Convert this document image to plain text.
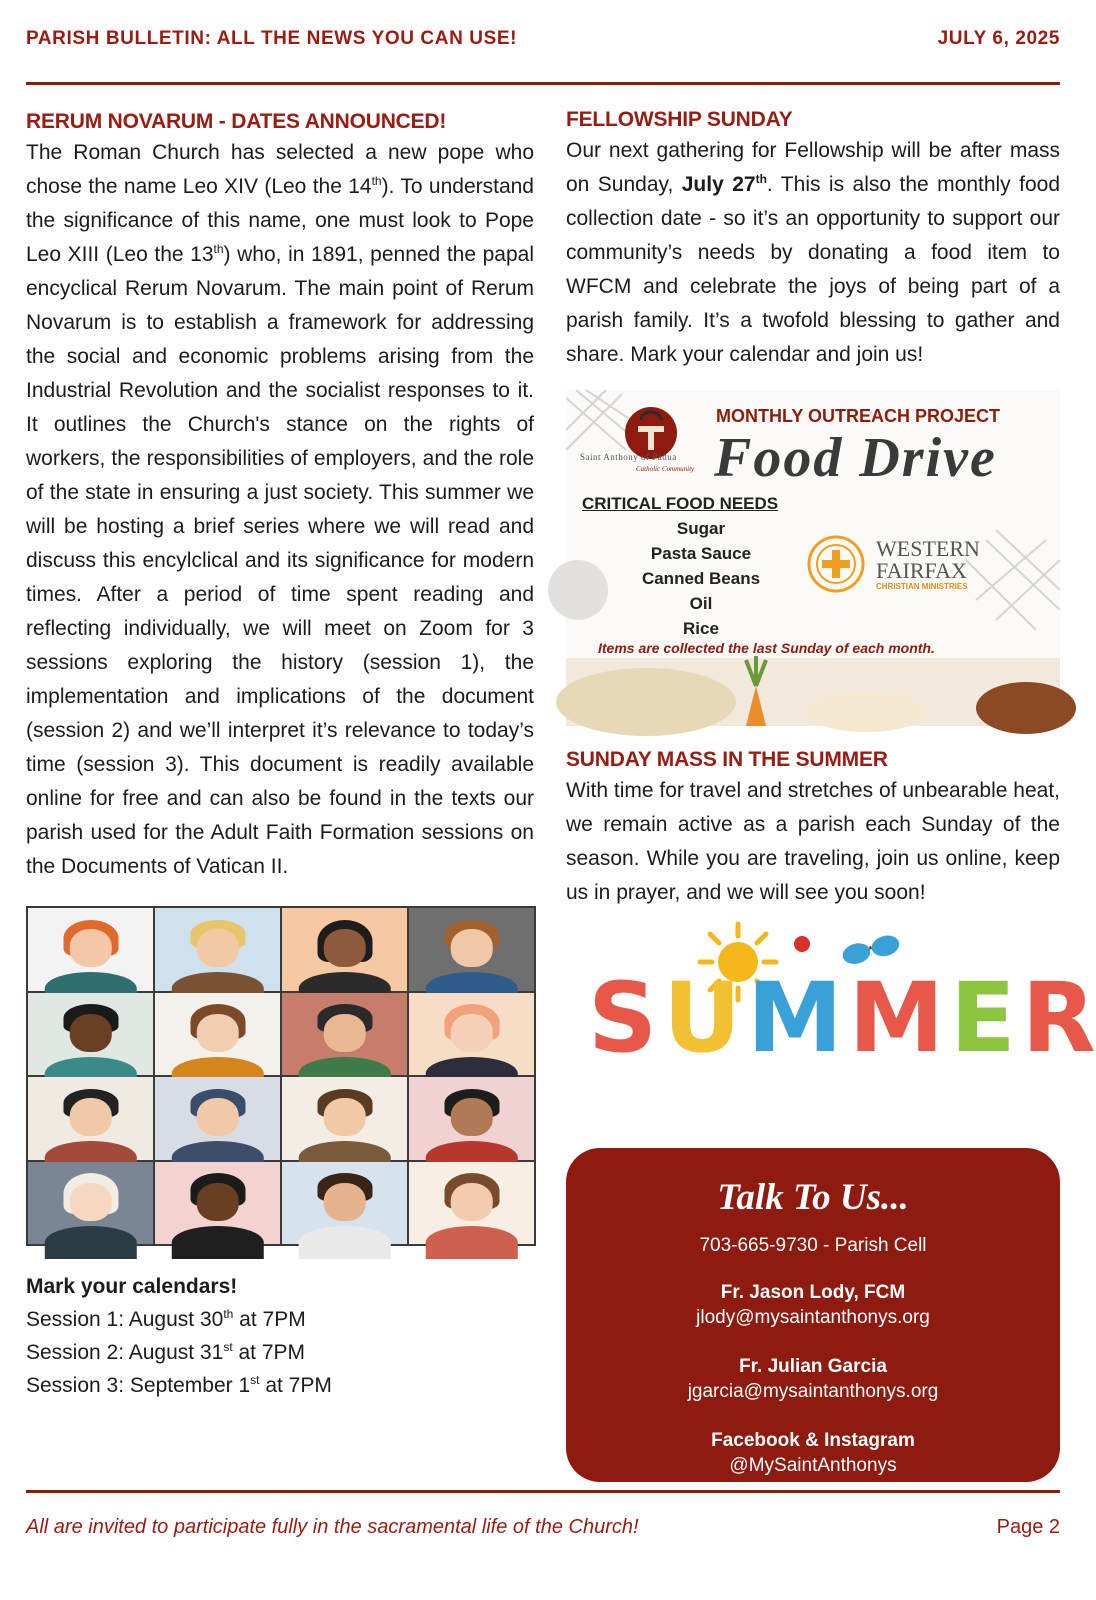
PARISH BULLETIN: ALL THE NEWS YOU CAN USE!	JULY 6, 2025
RERUM NOVARUM - DATES ANNOUNCED!

The Roman Church has selected a new pope who chose the name Leo XIV (Leo the 14th). To understand the significance of this name, one must look to Pope Leo XIII (Leo the 13th) who, in 1891, penned the papal encyclical Rerum Novarum. The main point of Rerum Novarum is to establish a framework for addressing the social and economic problems arising from the Industrial Revolution and the socialist responses to it. It outlines the Church's stance on the rights of workers, the responsibilities of employers, and the role of the state in ensuring a just society. This summer we will be hosting a brief series where we will read and discuss this encylclical and its significance for modern times. After a period of time spent reading and reflecting individually, we will meet on Zoom for 3 sessions exploring the history (session 1), the implementation and implications of the document (session 2) and we’ll interpret it’s relevance to today’s time (session 3). This document is readily available online for free and can also be found in the texts our parish used for the Adult Faith Formation sessions on the Documents of Vatican II.

Mark your calendars!
Session 1: August 30th at 7PM
Session 2: August 31st at 7PM
Session 3: September 1st at 7PM
FELLOWSHIP SUNDAY

Our next gathering for Fellowship will be after mass on Sunday, July 27th. This is also the monthly food collection date - so it’s an opportunity to support our community’s needs by donating a food item to WFCM and celebrate the joys of being part of a parish family. It’s a twofold blessing to gather and share. Mark your calendar and join us!

Saint Anthony of Padua
Catholic Community
MONTHLY OUTREACH PROJECT
Food Drive
CRITICAL FOOD NEEDS
Sugar
Pasta Sauce
Canned Beans
Oil
Rice
WESTERN
FAIRFAX
CHRISTIAN MINISTRIES
Items are collected the last Sunday of each month.
SUNDAY MASS IN THE SUMMER

With time for travel and stretches of unbearable heat, we remain active as a parish each Sunday of the season. While you are traveling, join us online, keep us in prayer, and we will see you soon!

S U M M E R
Talk To Us...
703-665-9730 - Parish Cell
Fr. Jason Lody, FCM
jlody@mysaintanthonys.org
Fr. Julian Garcia
jgarcia@mysaintanthonys.org
Facebook & Instagram
@MySaintAnthonys
All are invited to participate fully in the sacramental life of the Church!	Page 2
